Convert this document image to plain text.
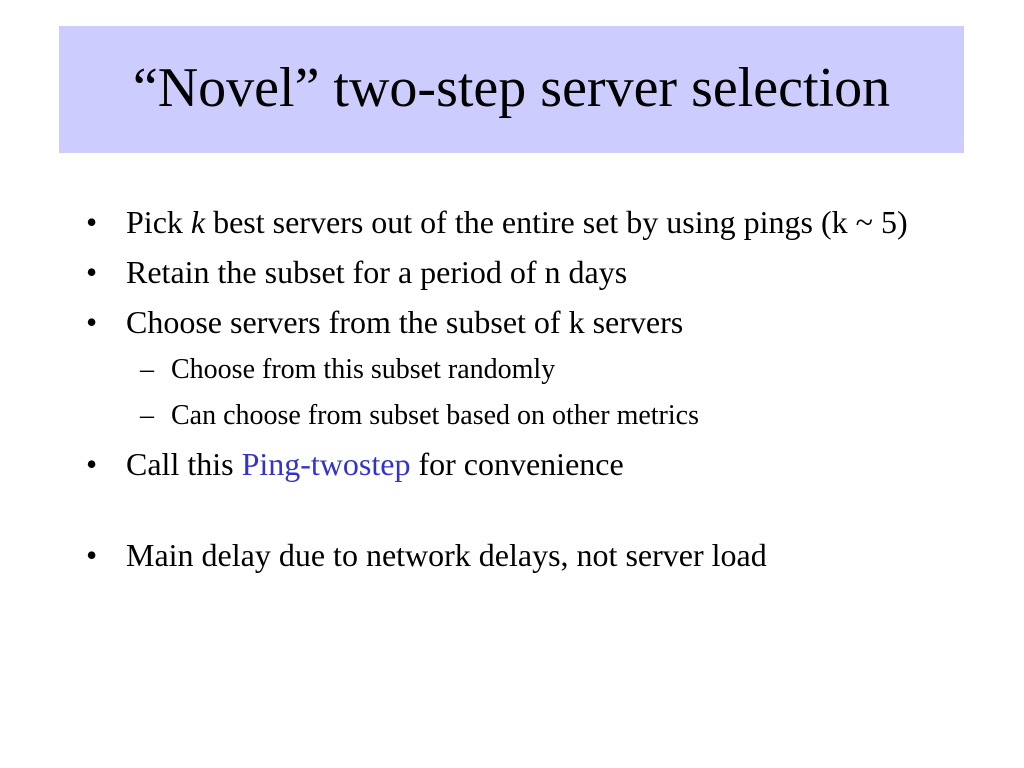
“Novel” two-step server selection
• Pick k best servers out of the entire set by using pings (k ~ 5)
• Retain the subset for a period of n days
• Choose servers from the subset of k servers
– Choose from this subset randomly
– Can choose from subset based on other metrics
• Call this Ping-twostep for convenience
• Main delay due to network delays, not server load
